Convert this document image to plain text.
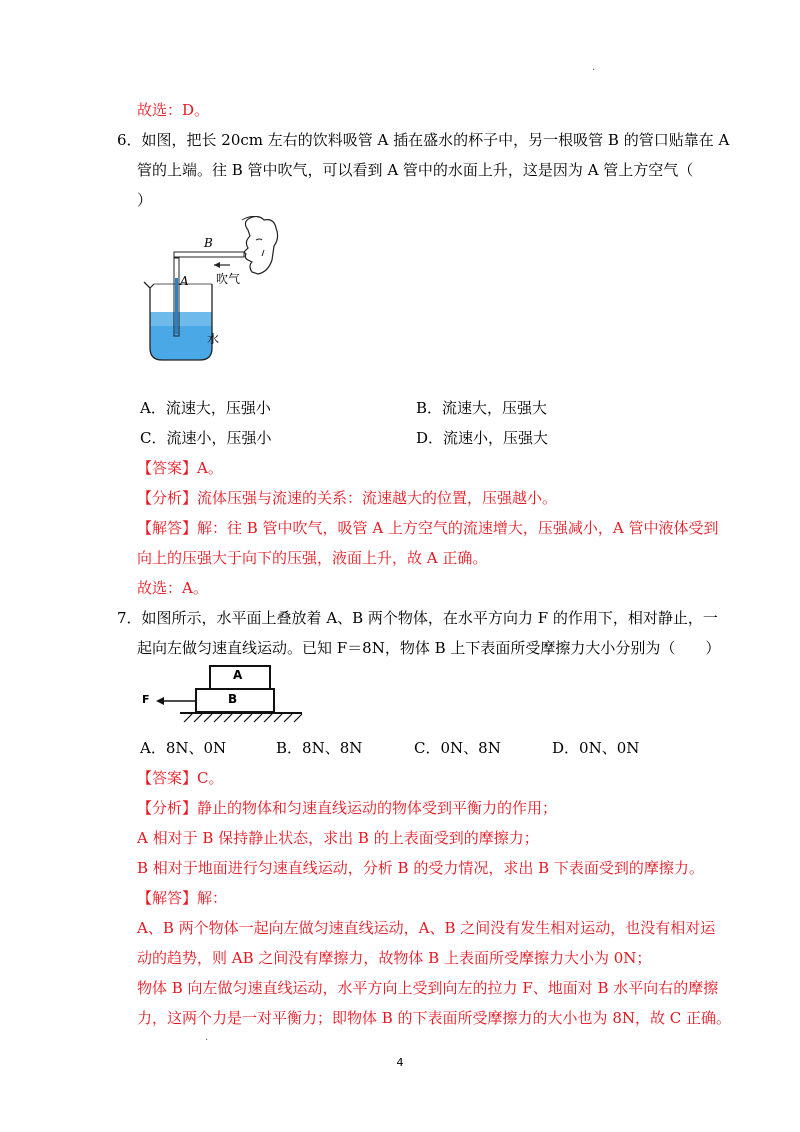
.
故选：D。
6．如图，把长 20cm 左右的饮料吸管 A 插在盛水的杯子中，另一根吸管 B 的管口贴靠在 A
管的上端。往 B 管中吹气，可以看到 A 管中的水面上升，这是因为 A 管上方空气（
）
B
A 吹气
水
A．流速大，压强小	B．流速大，压强大
C．流速小，压强小	D．流速小，压强大
【答案】A。
【分析】流体压强与流速的关系：流速越大的位置，压强越小。
【解答】解：往 B 管中吹气，吸管 A 上方空气的流速增大，压强减小，A 管中液体受到
向上的压强大于向下的压强，液面上升，故 A 正确。
故选：A。
7．如图所示，水平面上叠放着 A、B 两个物体，在水平方向力 F 的作用下，相对静止，一
起向左做匀速直线运动。已知 F＝8N，物体 B 上下表面所受摩擦力大小分别为（　　）
A
B
F
A．8N、0N	B．8N、8N	C．0N、8N	D．0N、0N
【答案】C。
【分析】静止的物体和匀速直线运动的物体受到平衡力的作用；
A 相对于 B 保持静止状态，求出 B 的上表面受到的摩擦力；
B 相对于地面进行匀速直线运动，分析 B 的受力情况，求出 B 下表面受到的摩擦力。
【解答】解：
A、B 两个物体一起向左做匀速直线运动，A、B 之间没有发生相对运动，也没有相对运
动的趋势，则 AB 之间没有摩擦力，故物体 B 上表面所受摩擦力大小为 0N；
物体 B 向左做匀速直线运动，水平方向上受到向左的拉力 F、地面对 B 水平向右的摩擦
力，这两个力是一对平衡力；即物体 B 的下表面所受摩擦力的大小也为 8N，故 C 正确。
.
4
